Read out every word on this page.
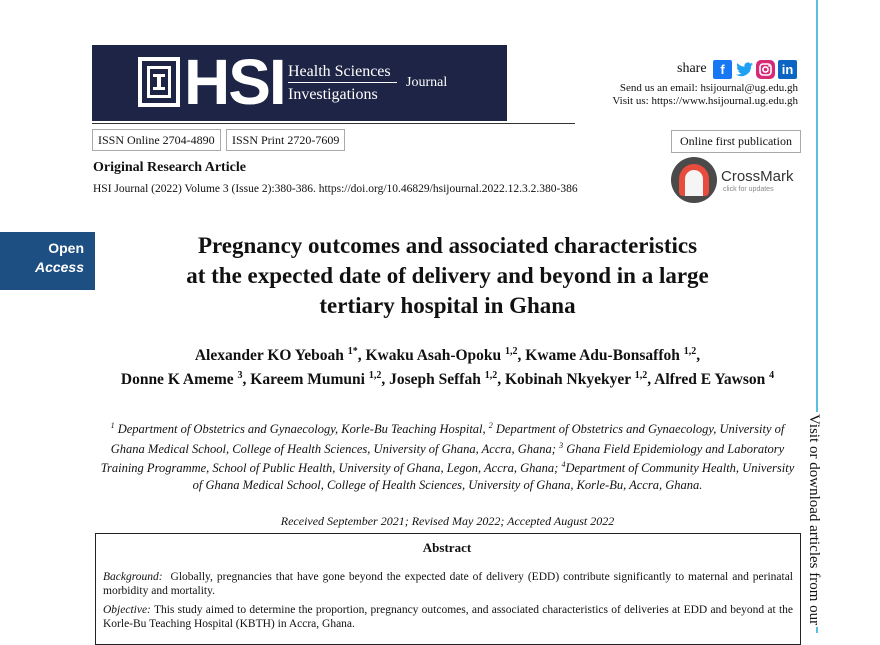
HSI Health Sciences
Investigations
Journal
share	f	in
Send us an email: hsijournal@ug.edu.gh
Visit us: https://www.hsijournal.ug.edu.gh
ISSN Online 2704-4890	ISSN Print 2720-7609	Online first publication
Original Research Article
HSI Journal (2022) Volume 3 (Issue 2):380-386. https://doi.org/10.46829/hsijournal.2022.12.3.2.380-386
CrossMark
click for updates
Open
Access
Pregnancy outcomes and associated characteristics
at the expected date of delivery and beyond in a large
tertiary hospital in Ghana
Alexander KO Yeboah $^{1*}$, Kwaku Asah-Opoku $^{1,2}$, Kwame Adu-Bonsaffoh $^{1,2}$,
Donne K Ameme $^3$, Kareem Mumuni $^{1,2}$, Joseph Seffah $^{1,2}$, Kobinah Nkyekyer $^{1,2}$, Alfred E Yawson $^4$
$^1$ Department of Obstetrics and Gynaecology, Korle-Bu Teaching Hospital, $^2$ Department of Obstetrics and Gynaecology, University of Ghana Medical School, College of Health Sciences, University of Ghana, Accra, Ghana; $^3$ Ghana Field Epidemiology and Laboratory Training Programme, School of Public Health, University of Ghana, Legon, Accra, Ghana; $^4$Department of Community Health, University of Ghana Medical School, College of Health Sciences, University of Ghana, Korle-Bu, Accra, Ghana.
Received September 2021; Revised May 2022; Accepted August 2022
Abstract
Background: Globally, pregnancies that have gone beyond the expected date of delivery (EDD) contribute significantly to maternal and perinatal morbidity and mortality.
Objective: This study aimed to determine the proportion, pregnancy outcomes, and associated characteristics of deliveries at EDD and beyond at the Korle-Bu Teaching Hospital (KBTH) in Accra, Ghana.	Visit or download articles from our
